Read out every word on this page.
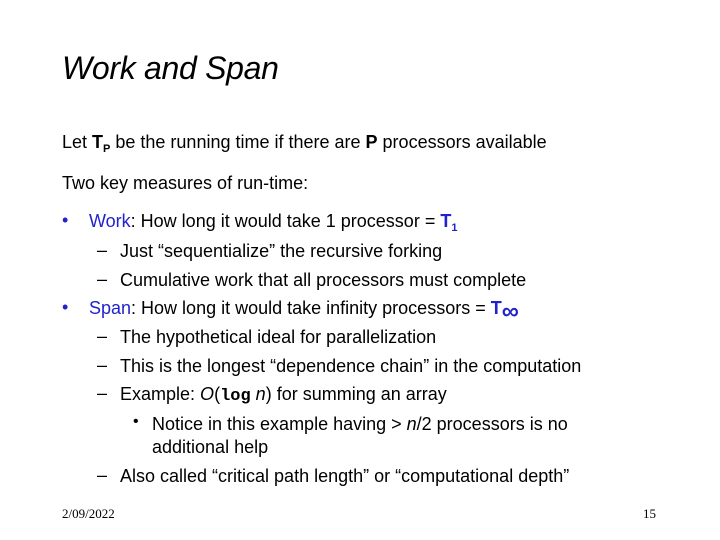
Work and Span
Let $T_P$ be the running time if there are P processors available
Two key measures of run-time:
• Work: How long it would take 1 processor = $T_1$
– Just “sequentialize” the recursive forking
– Cumulative work that all processors must complete
• Span: How long it would take infinity processors = T∞
– The hypothetical ideal for parallelization
– This is the longest “dependence chain” in the computation
– Example: O(log n) for summing an array
• Notice in this example having > n/2 processors is no
additional help
– Also called “critical path length” or “computational depth”
2/09/2022	15
